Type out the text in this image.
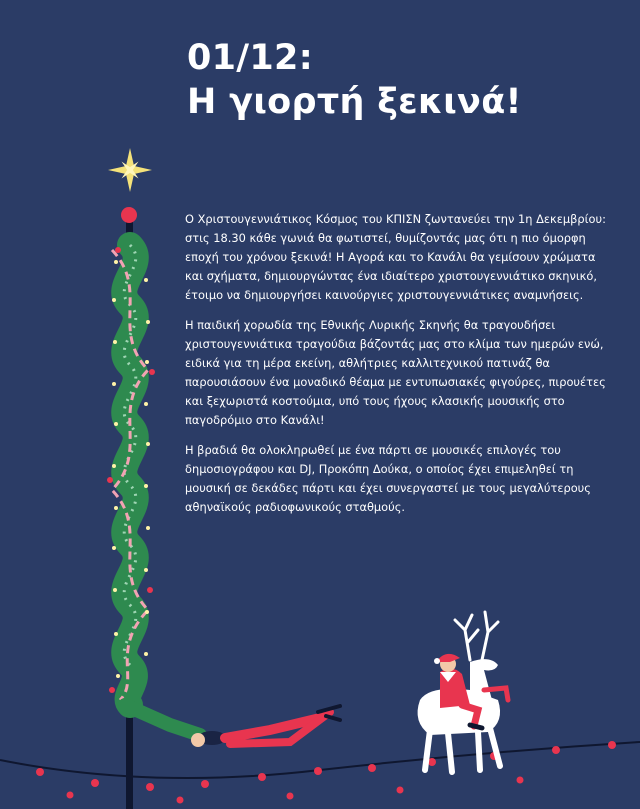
01/12:
Η γιορτή ξεκινά!

Ο Χριστουγεννιάτικος Κόσμος του ΚΠΙΣΝ ζωντανεύει την 1η Δεκεμβρίου: στις 18.30 κάθε γωνιά θα φωτιστεί, θυμίζοντάς μας ότι η πιο όμορφη εποχή του χρόνου ξεκινά! Η Αγορά και το Κανάλι θα γεμίσουν χρώματα και σχήματα, δημιουργώντας ένα ιδιαίτερο χριστουγεννιάτικο σκηνικό, έτοιμο να δημιουργήσει καινούργιες χριστουγεννιάτικες αναμνήσεις.

Η παιδική χορωδία της Εθνικής Λυρικής Σκηνής θα τραγουδήσει χριστουγεννιάτικα τραγούδια βάζοντάς μας στο κλίμα των ημερών ενώ, ειδικά για τη μέρα εκείνη, αθλήτριες καλλιτεχνικού πατινάζ θα παρουσιάσουν ένα μοναδικό θέαμα με εντυπωσιακές φιγούρες, πιρουέτες και ξεχωριστά κοστούμια, υπό τους ήχους κλασικής μουσικής στο παγοδρόμιο στο Κανάλι!

Η βραδιά θα ολοκληρωθεί με ένα πάρτι σε μουσικές επιλογές του δημοσιογράφου και DJ, Προκόπη Δούκα, ο οποίος έχει επιμεληθεί τη μουσική σε δεκάδες πάρτι και έχει συνεργαστεί με τους μεγαλύτερους αθηναϊκούς ραδιοφωνικούς σταθμούς.
